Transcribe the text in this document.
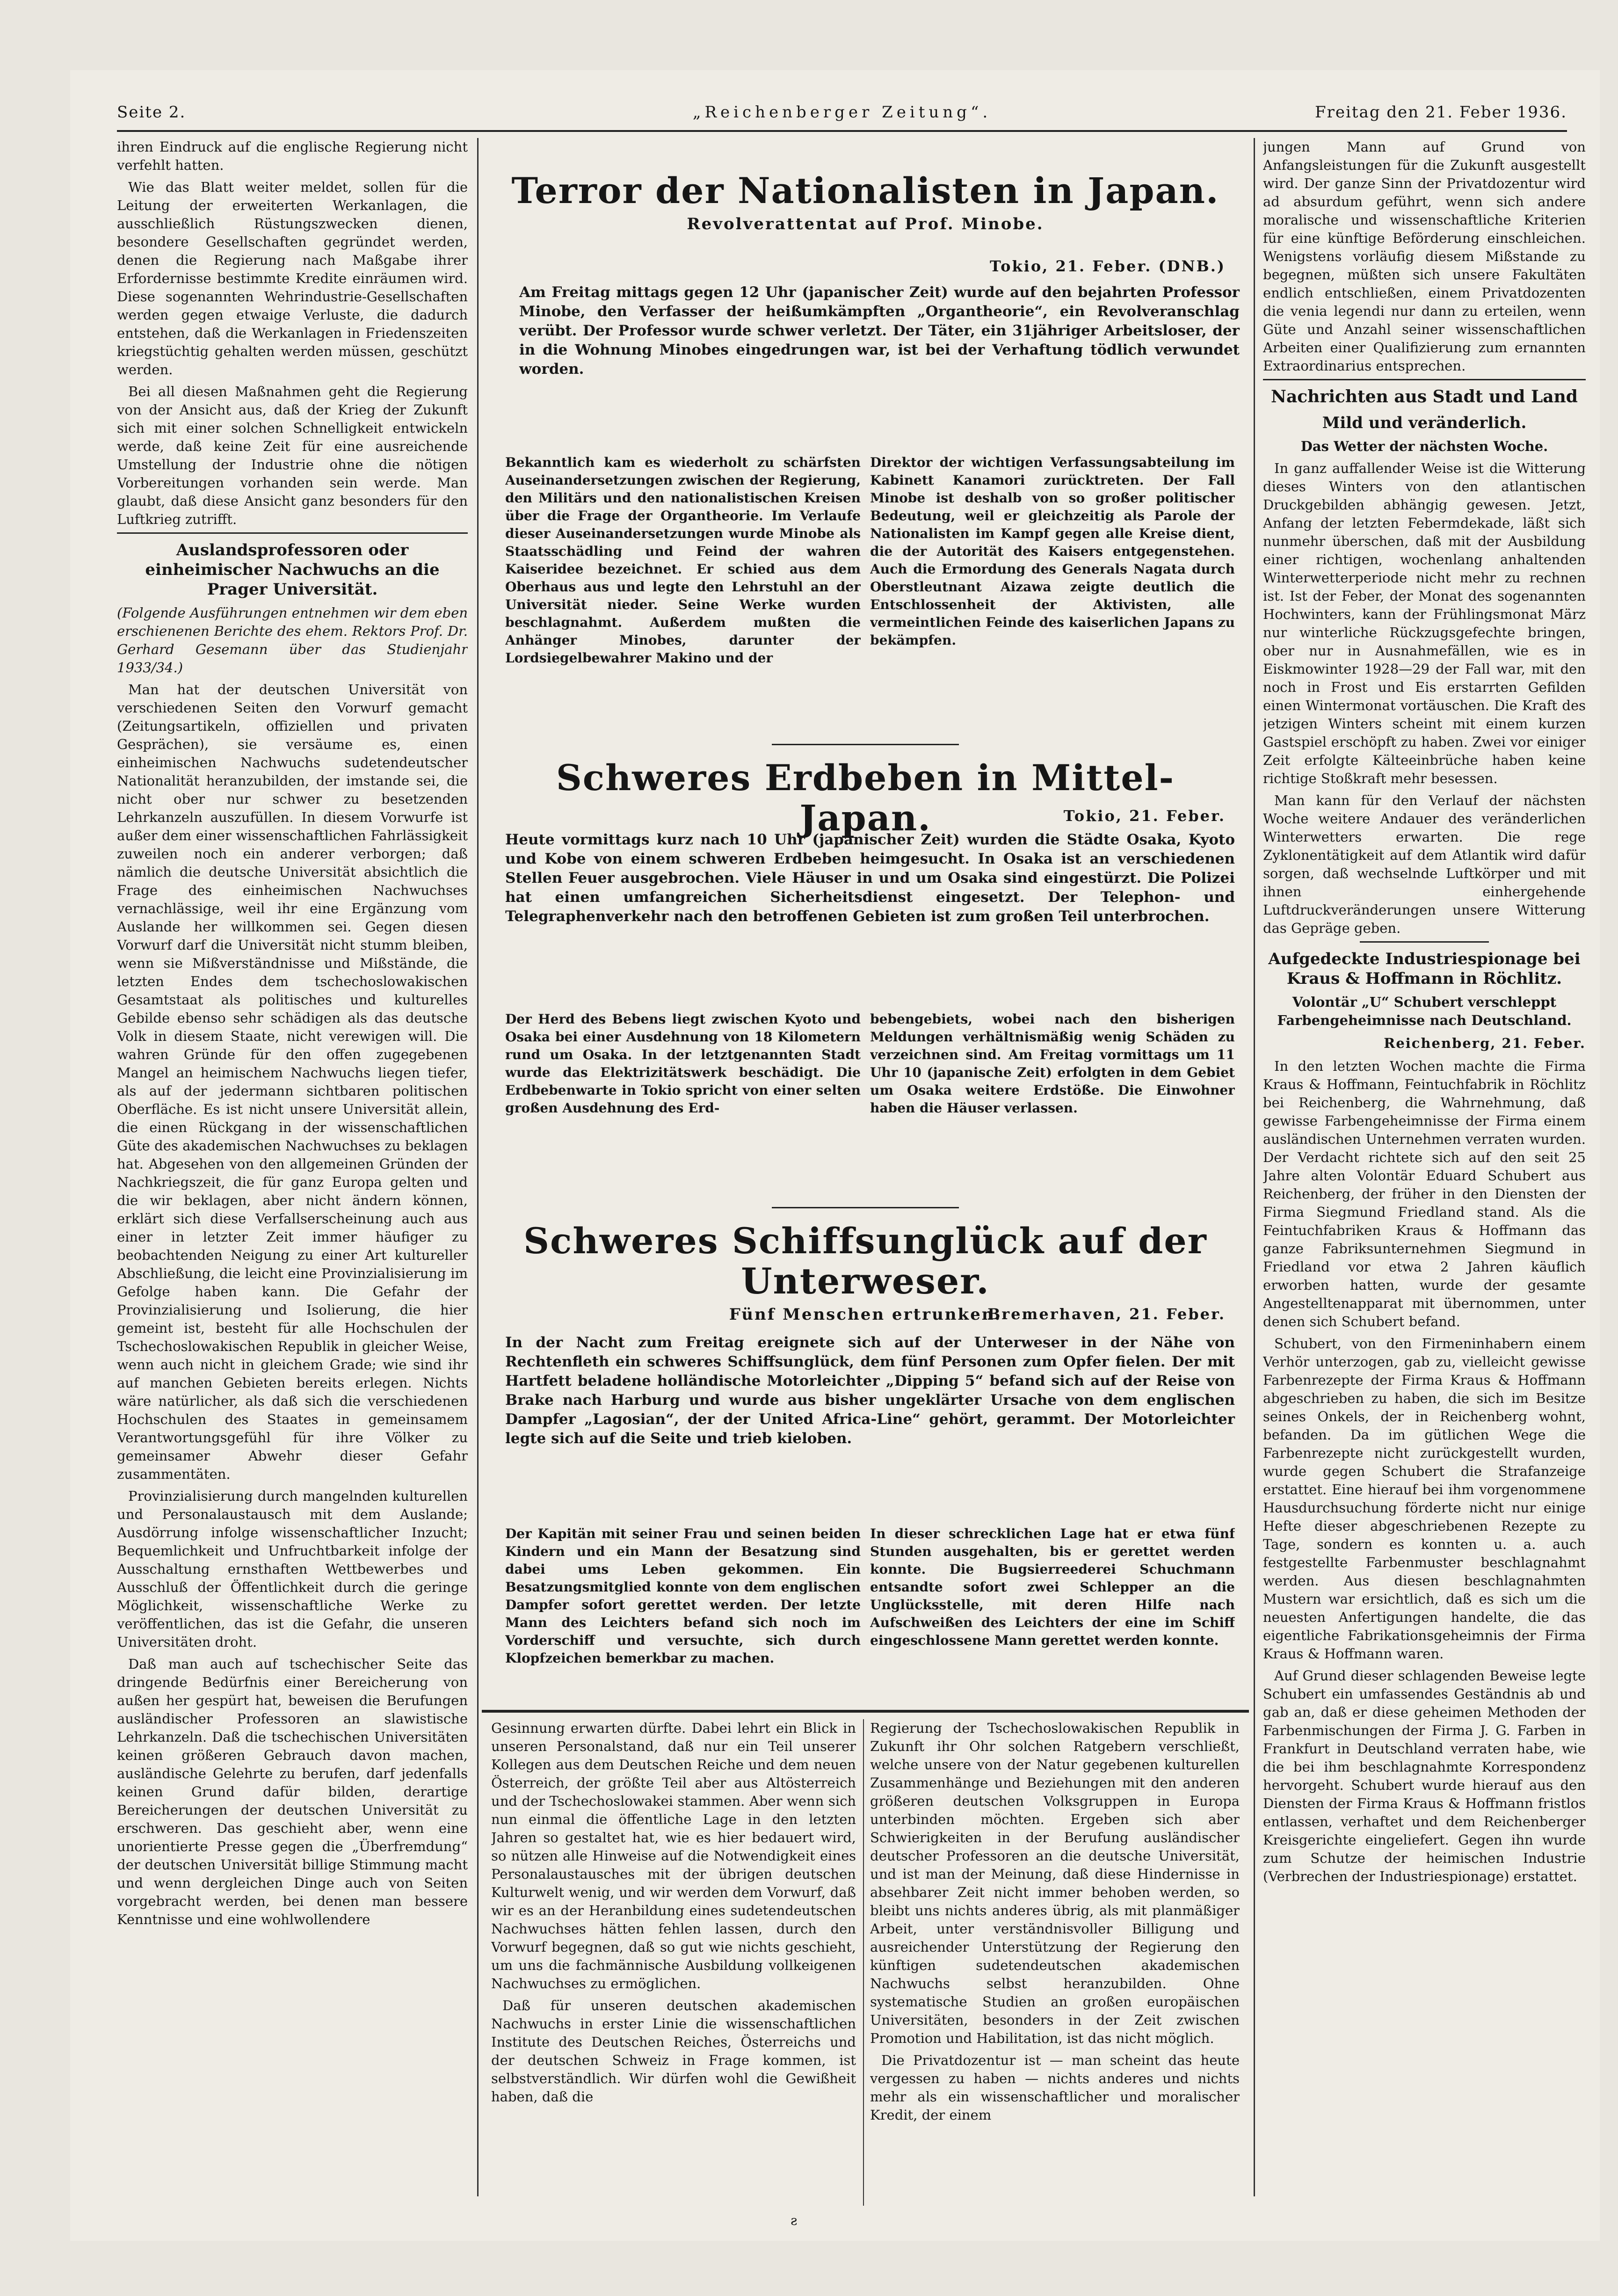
Seite 2.	„Reichenberger Zeitung“.	Freitag den 21. Feber 1936.

ihren Eindruck auf die englische Regierung nicht verfehlt hatten.

Wie das Blatt weiter meldet, sollen für die Leitung der erweiterten Werkanlagen, die ausschließlich Rüstungszwecken dienen, besondere Gesellschaften gegründet werden, denen die Regierung nach Maßgabe ihrer Erfordernisse bestimmte Kredite einräumen wird. Diese sogenannten Wehrindustrie-Gesellschaften werden gegen etwaige Verluste, die dadurch entstehen, daß die Werkanlagen in Friedenszeiten kriegstüchtig gehalten werden müssen, geschützt werden.

Bei all diesen Maßnahmen geht die Regierung von der Ansicht aus, daß der Krieg der Zukunft sich mit einer solchen Schnelligkeit entwickeln werde, daß keine Zeit für eine ausreichende Umstellung der Industrie ohne die nötigen Vorbereitungen vorhanden sein werde. Man glaubt, daß diese Ansicht ganz besonders für den Luftkrieg zutrifft.

Auslandsprofessoren oder einheimischer Nachwuchs an die Prager Universität.

(Folgende Ausführungen entnehmen wir dem eben erschienenen Berichte des ehem. Rektors Prof. Dr. Gerhard Gesemann über das Studienjahr 1933/34.)

Man hat der deutschen Universität von verschiedenen Seiten den Vorwurf gemacht (Zeitungsartikeln, offiziellen und privaten Gesprächen), sie versäume es, einen einheimischen Nachwuchs sudetendeutscher Nationalität heranzubilden, der imstande sei, die nicht ober nur schwer zu besetzenden Lehrkanzeln auszufüllen. In diesem Vorwurfe ist außer dem einer wissenschaftlichen Fahrlässigkeit zuweilen noch ein anderer verborgen; daß nämlich die deutsche Universität absichtlich die Frage des einheimischen Nachwuchses vernachlässige, weil ihr eine Ergänzung vom Auslande her willkommen sei. Gegen diesen Vorwurf darf die Universität nicht stumm bleiben, wenn sie Mißverständnisse und Mißstände, die letzten Endes dem tschechoslowakischen Gesamtstaat als politisches und kulturelles Gebilde ebenso sehr schädigen als das deutsche Volk in diesem Staate, nicht verewigen will. Die wahren Gründe für den offen zugegebenen Mangel an heimischem Nachwuchs liegen tiefer, als auf der jedermann sichtbaren politischen Oberfläche. Es ist nicht unsere Universität allein, die einen Rückgang in der wissenschaftlichen Güte des akademischen Nachwuchses zu beklagen hat. Abgesehen von den allgemeinen Gründen der Nachkriegszeit, die für ganz Europa gelten und die wir beklagen, aber nicht ändern können, erklärt sich diese Verfallserscheinung auch aus einer in letzter Zeit immer häufiger zu beobachtenden Neigung zu einer Art kultureller Abschließung, die leicht eine Provinzialisierung im Gefolge haben kann. Die Gefahr der Provinzialisierung und Isolierung, die hier gemeint ist, besteht für alle Hochschulen der Tschechoslowakischen Republik in gleicher Weise, wenn auch nicht in gleichem Grade; wie sind ihr auf manchen Gebieten bereits erlegen. Nichts wäre natürlicher, als daß sich die verschiedenen Hochschulen des Staates in gemeinsamem Verantwortungsgefühl für ihre Völker zu gemeinsamer Abwehr dieser Gefahr zusammentäten.

Provinzialisierung durch mangelnden kulturellen und Personalaustausch mit dem Auslande; Ausdörrung infolge wissenschaftlicher Inzucht; Bequemlichkeit und Unfruchtbarkeit infolge der Ausschaltung ernsthaften Wettbewerbes und Ausschluß der Öffentlichkeit durch die geringe Möglichkeit, wissenschaftliche Werke zu veröffentlichen, das ist die Gefahr, die unseren Universitäten droht.

Daß man auch auf tschechischer Seite das dringende Bedürfnis einer Bereicherung von außen her gespürt hat, beweisen die Berufungen ausländischer Professoren an slawistische Lehrkanzeln. Daß die tschechischen Universitäten keinen größeren Gebrauch davon machen, ausländische Gelehrte zu berufen, darf jedenfalls keinen Grund dafür bilden, derartige Bereicherungen der deutschen Universität zu erschweren. Das geschieht aber, wenn eine unorientierte Presse gegen die „Überfremdung“ der deutschen Universität billige Stimmung macht und wenn dergleichen Dinge auch von Seiten vorgebracht werden, bei denen man bessere Kenntnisse und eine wohlwollendere

Terror der Nationalisten in Japan.
Revolverattentat auf Prof. Minobe.
Tokio, 21. Feber. (DNB.)
Am Freitag mittags gegen 12 Uhr (japanischer Zeit) wurde auf den bejahrten Professor Minobe, den Verfasser der heißumkämpften „Organtheorie“, ein Revolveranschlag verübt. Der Professor wurde schwer verletzt. Der Täter, ein 31jähriger Arbeitsloser, der in die Wohnung Minobes eingedrungen war, ist bei der Verhaftung tödlich verwundet worden.
Bekanntlich kam es wiederholt zu schärfsten Auseinandersetzungen zwischen der Regierung, den Militärs und den nationalistischen Kreisen über die Frage der Organtheorie. Im Verlaufe dieser Auseinandersetzungen wurde Minobe als Staatsschädling und Feind der wahren Kaiseridee bezeichnet. Er schied aus dem Oberhaus aus und legte den Lehrstuhl an der Universität nieder. Seine Werke wurden beschlagnahmt. Außerdem mußten die Anhänger Minobes, darunter der Lordsiegelbewahrer Makino und der
Direktor der wichtigen Verfassungsabteilung im Kabinett Kanamori zurücktreten. Der Fall Minobe ist deshalb von so großer politischer Bedeutung, weil er gleichzeitig als Parole der Nationalisten im Kampf gegen alle Kreise dient, die der Autorität des Kaisers entgegenstehen. Auch die Ermordung des Generals Nagata durch Oberstleutnant Aizawa zeigte deutlich die Entschlossenheit der Aktivisten, alle vermeintlichen Feinde des kaiserlichen Japans zu bekämpfen.
Schweres Erdbeben in Mittel-Japan.	Tokio, 21. Feber.
Heute vormittags kurz nach 10 Uhr (japanischer Zeit) wurden die Städte Osaka, Kyoto und Kobe von einem schweren Erdbeben heimgesucht. In Osaka ist an verschiedenen Stellen Feuer ausgebrochen. Viele Häuser in und um Osaka sind eingestürzt. Die Polizei hat einen umfangreichen Sicherheitsdienst eingesetzt. Der Telephon- und Telegraphenverkehr nach den betroffenen Gebieten ist zum großen Teil unterbrochen.
Der Herd des Bebens liegt zwischen Kyoto und Osaka bei einer Ausdehnung von 18 Kilometern rund um Osaka. In der letztgenannten Stadt wurde das Elektrizitätswerk beschädigt. Die Erdbebenwarte in Tokio spricht von einer selten großen Ausdehnung des Erd-
bebengebiets, wobei nach den bisherigen Meldungen verhältnismäßig wenig Schäden zu verzeichnen sind. Am Freitag vormittags um 11 Uhr 10 (japanische Zeit) erfolgten in dem Gebiet um Osaka weitere Erdstöße. Die Einwohner haben die Häuser verlassen.
Schweres Schiffsunglück auf der Unterweser.
Fünf Menschen ertrunken.
Bremerhaven, 21. Feber.
In der Nacht zum Freitag ereignete sich auf der Unterweser in der Nähe von Rechtenfleth ein schweres Schiffsunglück, dem fünf Personen zum Opfer fielen. Der mit Hartfett beladene holländische Motorleichter „Dipping 5“ befand sich auf der Reise von Brake nach Harburg und wurde aus bisher ungeklärter Ursache von dem englischen Dampfer „Lagosian“, der der United Africa-Line“ gehört, gerammt. Der Motorleichter legte sich auf die Seite und trieb kieloben.
Der Kapitän mit seiner Frau und seinen beiden Kindern und ein Mann der Besatzung sind dabei ums Leben gekommen. Ein Besatzungsmitglied konnte von dem englischen Dampfer sofort gerettet werden. Der letzte Mann des Leichters befand sich noch im Vorderschiff und versuchte, sich durch Klopfzeichen bemerkbar zu machen.
In dieser schrecklichen Lage hat er etwa fünf Stunden ausgehalten, bis er gerettet werden konnte. Die Bugsierreederei Schuchmann entsandte sofort zwei Schlepper an die Unglücksstelle, mit deren Hilfe nach Aufschweißen des Leichters der eine im Schiff eingeschlossene Mann gerettet werden konnte.

Gesinnung erwarten dürfte. Dabei lehrt ein Blick in unseren Personalstand, daß nur ein Teil unserer Kollegen aus dem Deutschen Reiche und dem neuen Österreich, der größte Teil aber aus Altösterreich und der Tschechoslowakei stammen. Aber wenn sich nun einmal die öffentliche Lage in den letzten Jahren so gestaltet hat, wie es hier bedauert wird, so nützen alle Hinweise auf die Notwendigkeit eines Personalaustausches mit der übrigen deutschen Kulturwelt wenig, und wir werden dem Vorwurf, daß wir es an der Heranbildung eines sudetendeutschen Nachwuchses hätten fehlen lassen, durch den Vorwurf begegnen, daß so gut wie nichts geschieht, um uns die fachmännische Ausbildung vollkeigenen Nachwuchses zu ermöglichen.

Daß für unseren deutschen akademischen Nachwuchs in erster Linie die wissenschaftlichen Institute des Deutschen Reiches, Österreichs und der deutschen Schweiz in Frage kommen, ist selbstverständlich. Wir dürfen wohl die Gewißheit haben, daß die

Regierung der Tschechoslowakischen Republik in Zukunft ihr Ohr solchen Ratgebern verschließt, welche unsere von der Natur gegebenen kulturellen Zusammenhänge und Beziehungen mit den anderen größeren deutschen Volksgruppen in Europa unterbinden möchten. Ergeben sich aber Schwierigkeiten in der Berufung ausländischer deutscher Professoren an die deutsche Universität, und ist man der Meinung, daß diese Hindernisse in absehbarer Zeit nicht immer behoben werden, so bleibt uns nichts anderes übrig, als mit planmäßiger Arbeit, unter verständnisvoller Billigung und ausreichender Unterstützung der Regierung den künftigen sudetendeutschen akademischen Nachwuchs selbst heranzubilden. Ohne systematische Studien an großen europäischen Universitäten, besonders in der Zeit zwischen Promotion und Habilitation, ist das nicht möglich.

Die Privatdozentur ist — man scheint das heute vergessen zu haben — nichts anderes und nichts mehr als ein wissenschaftlicher und moralischer Kredit, der einem

jungen Mann auf Grund von Anfangsleistungen für die Zukunft ausgestellt wird. Der ganze Sinn der Privatdozentur wird ad absurdum geführt, wenn sich andere moralische und wissenschaftliche Kriterien für eine künftige Beförderung einschleichen. Wenigstens vorläufig diesem Mißstande zu begegnen, müßten sich unsere Fakultäten endlich entschließen, einem Privatdozenten die venia legendi nur dann zu erteilen, wenn Güte und Anzahl seiner wissenschaftlichen Arbeiten einer Qualifizierung zum ernannten Extraordinarius entsprechen.

Nachrichten aus Stadt und Land

Mild und veränderlich.

Das Wetter der nächsten Woche.

In ganz auffallender Weise ist die Witterung dieses Winters von den atlantischen Druckgebilden abhängig gewesen. Jetzt, Anfang der letzten Febermdekade, läßt sich nunmehr überschen, daß mit der Ausbildung einer richtigen, wochenlang anhaltenden Winterwetterperiode nicht mehr zu rechnen ist. Ist der Feber, der Monat des sogenannten Hochwinters, kann der Frühlingsmonat März nur winterliche Rückzugsgefechte bringen, ober nur in Ausnahmefällen, wie es in Eiskmowinter 1928—29 der Fall war, mit den noch in Frost und Eis erstarrten Gefilden einen Wintermonat vortäuschen. Die Kraft des jetzigen Winters scheint mit einem kurzen Gastspiel erschöpft zu haben. Zwei vor einiger Zeit erfolgte Kälteeinbrüche haben keine richtige Stoßkraft mehr besessen.

Man kann für den Verlauf der nächsten Woche weitere Andauer des veränderlichen Winterwetters erwarten. Die rege Zyklonentätigkeit auf dem Atlantik wird dafür sorgen, daß wechselnde Luftkörper und mit ihnen einhergehende Luftdruckveränderungen unsere Witterung das Gepräge geben.

Aufgedeckte Industriespionage bei Kraus & Hoffmann in Röchlitz.

Volontär „U“ Schubert verschleppt Farbengeheimnisse nach Deutschland.

Reichenberg, 21. Feber.

In den letzten Wochen machte die Firma Kraus & Hoffmann, Feintuchfabrik in Röchlitz bei Reichenberg, die Wahrnehmung, daß gewisse Farbengeheimnisse der Firma einem ausländischen Unternehmen verraten wurden. Der Verdacht richtete sich auf den seit 25 Jahre alten Volontär Eduard Schubert aus Reichenberg, der früher in den Diensten der Firma Siegmund Friedland stand. Als die Feintuchfabriken Kraus & Hoffmann das ganze Fabriksunternehmen Siegmund in Friedland vor etwa 2 Jahren käuflich erworben hatten, wurde der gesamte Angestelltenapparat mit übernommen, unter denen sich Schubert befand.

Schubert, von den Firmeninhabern einem Verhör unterzogen, gab zu, vielleicht gewisse Farbenrezepte der Firma Kraus & Hoffmann abgeschrieben zu haben, die sich im Besitze seines Onkels, der in Reichenberg wohnt, befanden. Da im gütlichen Wege die Farbenrezepte nicht zurückgestellt wurden, wurde gegen Schubert die Strafanzeige erstattet. Eine hierauf bei ihm vorgenommene Hausdurchsuchung förderte nicht nur einige Hefte dieser abgeschriebenen Rezepte zu Tage, sondern es konnten u. a. auch festgestellte Farbenmuster beschlagnahmt werden. Aus diesen beschlagnahmten Mustern war ersichtlich, daß es sich um die neuesten Anfertigungen handelte, die das eigentliche Fabrikationsgeheimnis der Firma Kraus & Hoffmann waren.

Auf Grund dieser schlagenden Beweise legte Schubert ein umfassendes Geständnis ab und gab an, daß er diese geheimen Methoden der Farbenmischungen der Firma J. G. Farben in Frankfurt in Deutschland verraten habe, wie die bei ihm beschlagnahmte Korrespondenz hervorgeht. Schubert wurde hierauf aus den Diensten der Firma Kraus & Hoffmann fristlos entlassen, verhaftet und dem Reichenberger Kreisgerichte eingeliefert. Gegen ihn wurde zum Schutze der heimischen Industrie (Verbrechen der Industriespionage) erstattet.

ƨ
